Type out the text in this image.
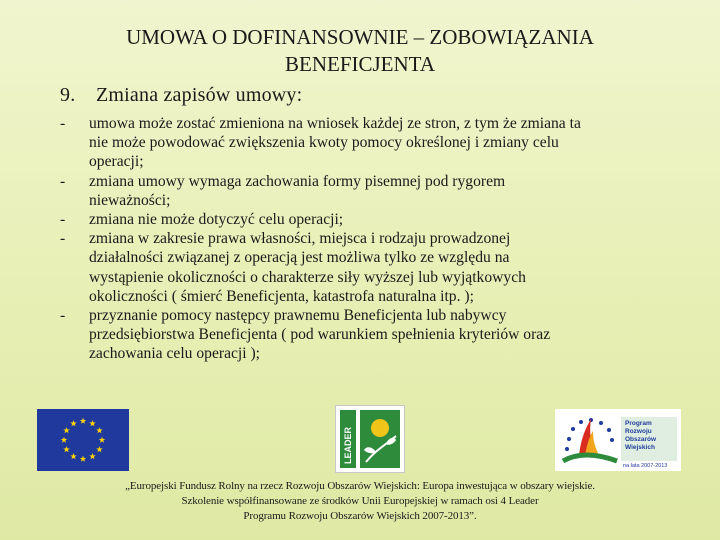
UMOWA O DOFINANSOWNIE – ZOBOWIĄZANIA
BENEFICJENTA
9. Zmiana zapisów umowy:
- umowa może zostać zmieniona na wniosek każdej ze stron, z tym że zmiana ta
nie może powodować zwiększenia kwoty pomocy określonej i zmiany celu
operacji;
- zmiana umowy wymaga zachowania formy pisemnej pod rygorem
nieważności;
- zmiana nie może dotyczyć celu operacji;
- zmiana w zakresie prawa własności, miejsca i rodzaju prowadzonej
działalności związanej z operacją jest możliwa tylko ze względu na
wystąpienie okoliczności o charakterze siły wyższej lub wyjątkowych
okoliczności ( śmierć Beneficjenta, katastrofa naturalna itp. );
- przyznanie pomocy następcy prawnemu Beneficjenta lub nabywcy
przedsiębiorstwa Beneficjenta ( pod warunkiem spełnienia kryteriów oraz
zachowania celu operacji );
LEADER
Program
Rozwoju
Obszarów
Wiejskich
na lata 2007-2013
„Europejski Fundusz Rolny na rzecz Rozwoju Obszarów Wiejskich: Europa inwestująca w obszary wiejskie.
Szkolenie współfinansowane ze środków Unii Europejskiej w ramach osi 4 Leader
Programu Rozwoju Obszarów Wiejskich 2007-2013”.
